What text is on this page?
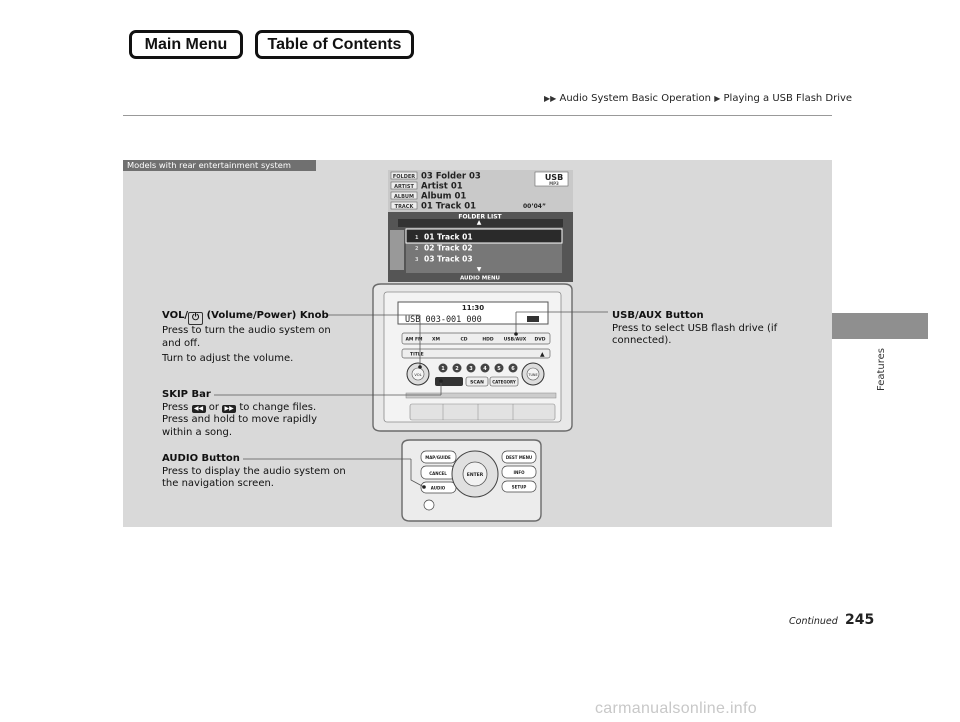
Main Menu	Table of Contents
▶▶ Audio System Basic Operation ▶ Playing a USB Flash Drive
Features
Models with rear entertainment system
FOLDER 03 Folder 03
ARTIST Artist 01
ALBUM Album 01
TRACK 01 Track 01	00’04”
USB
MP3
FOLDER LIST
▲
1 01 Track 01
2 02 Track 02
3 03 Track 03
▼
AUDIO MENU
11:30
USB 003-001 000
AM FM XM	CD	HDD USB/AUX DVD
TITLE	▲
VOL	TUNE
1 2 3 4 5 6
SCAN CATEGORY
MAP/GUIDE
CANCEL
AUDIO
DEST MENU
INFO
SETUP
ENTER
VOL/ ⏻ (Volume/Power) Knob
Press to turn the audio system on
and off.
Turn to adjust the volume.
SKIP Bar
Press ◀◀ or ▶▶ to change files.
Press and hold to move rapidly
within a song.
AUDIO Button
Press to display the audio system on
the navigation screen.
USB/AUX Button
Press to select USB flash drive (if
connected).
Continued 245
carmanualsonline.info
